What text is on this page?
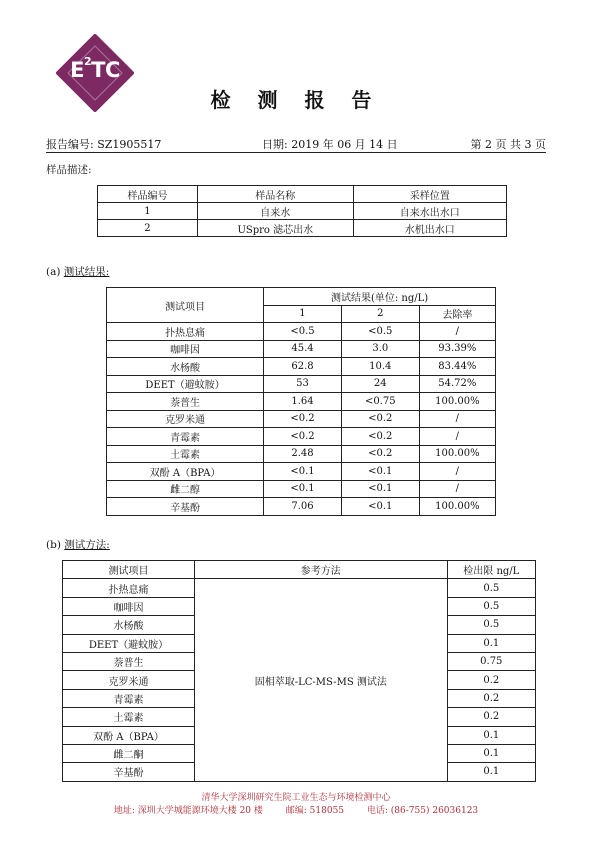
$E^2TC$
检 测 报 告
报告编号: SZ1905517	日期: 2019 年 06 月 14 日	第 2 页 共 3 页
样品描述:
样品编号	样品名称	采样位置
1	自来水	自来水出水口
2	USpro 滤芯出水	水机出水口
(a) 测试结果:
测试项目	测试结果(单位: ng/L)		
	1	2	去除率
扑热息痛	<0.5	<0.5	/
咖啡因	45.4	3.0	93.39%
水杨酸	62.8	10.4	83.44%
DEET（避蚊胺）	53	24	54.72%
萘普生	1.64	<0.75	100.00%
克罗米通	<0.2	<0.2	/
青霉素	<0.2	<0.2	/
土霉素	2.48	<0.2	100.00%
双酚 A（BPA）	<0.1	<0.1	/
雌二醇	<0.1	<0.1	/
辛基酚	7.06	<0.1	100.00%
(b) 测试方法:
测试项目	参考方法	检出限 ng/L
扑热息痛	固相萃取-LC-MS-MS 测试法	0.5
咖啡因		0.5
水杨酸		0.5
DEET（避蚊胺）		0.1
萘普生		0.75
克罗米通		0.2
青霉素		0.2
土霉素		0.2
双酚 A（BPA）		0.1
雌二酮		0.1
辛基酚		0.1
清华大学深圳研究生院工业生态与环境检测中心
地址: 深圳大学城能源环境大楼 20 楼	邮编: 518055	电话: (86-755) 26036123
